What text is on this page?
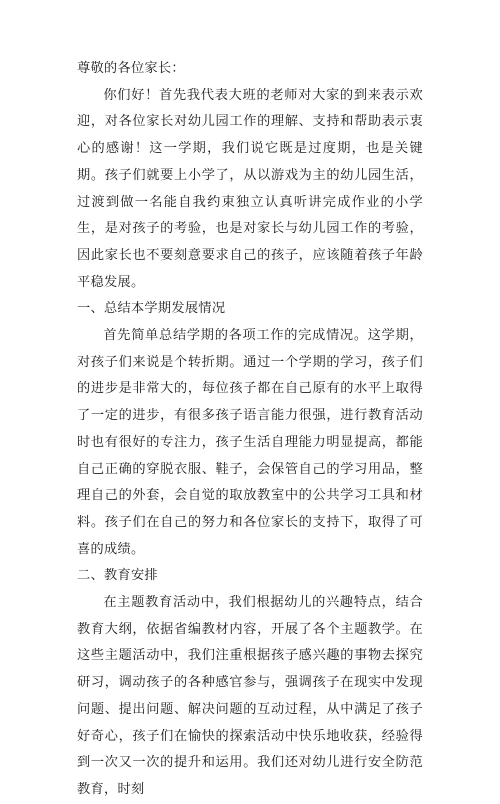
尊敬的各位家长：

你们好！首先我代表大班的老师对大家的到来表示欢迎，对各位家长对幼儿园工作的理解、支持和帮助表示衷心的感谢！这一学期，我们说它既是过度期，也是关键期。孩子们就要上小学了，从以游戏为主的幼儿园生活，过渡到做一名能自我约束独立认真听讲完成作业的小学生，是对孩子的考验，也是对家长与幼儿园工作的考验，因此家长也不要刻意要求自己的孩子，应该随着孩子年龄平稳发展。

一、总结本学期发展情况

首先简单总结学期的各项工作的完成情况。这学期，对孩子们来说是个转折期。通过一个学期的学习，孩子们的进步是非常大的，每位孩子都在自己原有的水平上取得了一定的进步，有很多孩子语言能力很强，进行教育活动时也有很好的专注力，孩子生活自理能力明显提高，都能自己正确的穿脱衣服、鞋子，会保管自己的学习用品，整理自己的外套，会自觉的取放教室中的公共学习工具和材料。孩子们在自己的努力和各位家长的支持下，取得了可喜的成绩。

二、教育安排

在主题教育活动中，我们根据幼儿的兴趣特点，结合教育大纲，依据省编教材内容，开展了各个主题教学。在这些主题活动中，我们注重根据孩子感兴趣的事物去探究研习，调动孩子的各种感官参与，强调孩子在现实中发现问题、提出问题、解决问题的互动过程，从中满足了孩子好奇心，孩子们在愉快的探索活动中快乐地收获，经验得到一次又一次的提升和运用。我们还对幼儿进行安全防范教育，时刻
